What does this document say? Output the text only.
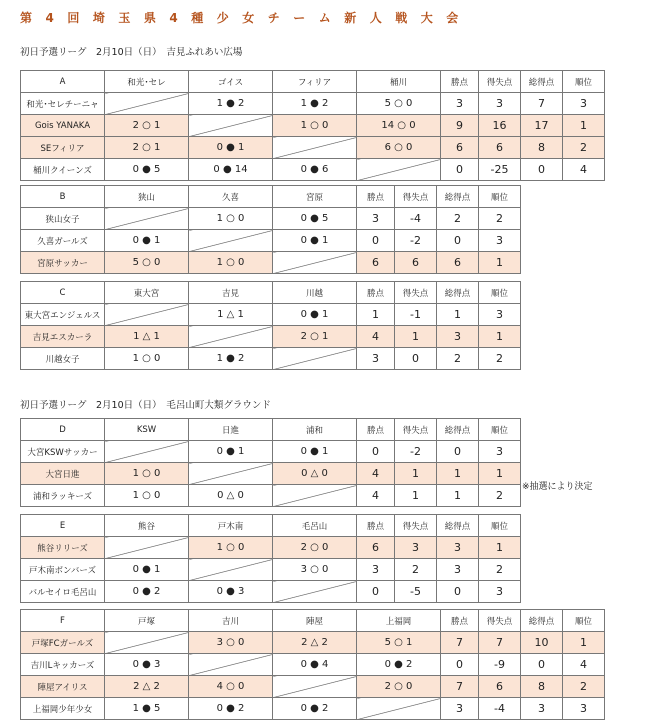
第4回埼玉県4種少女チーム新人戦大会
初日予選リーグ　2月10日（日）　吉見ふれあい広場
初日予選リーグ　2月10日（日）　毛呂山町大類グラウンド
※抽選により決定
A	和光･セレ	ゴイス	フィリア	桶川	勝点	得失点	総得点	順位
和光･セレチーニャ		1 ● 2	1 ● 2	5 ○ 0	3	3	7	3
Gois YANAKA	2 ○ 1		1 ○ 0	14 ○ 0	9	16	17	1
SEフィリア	2 ○ 1	0 ● 1		6 ○ 0	6	6	8	2
桶川クイーンズ	0 ● 5	0 ● 14	0 ● 6		0	-25	0	4
B	狭山	久喜	宮原	勝点	得失点	総得点	順位
狭山女子		1 ○ 0	0 ● 5	3	-4	2	2
久喜ガールズ	0 ● 1		0 ● 1	0	-2	0	3
宮原サッカー	5 ○ 0	1 ○ 0		6	6	6	1
C	東大宮	吉見	川越	勝点	得失点	総得点	順位
東大宮エンジェルス		1 △ 1	0 ● 1	1	-1	1	3
吉見エスカーラ	1 △ 1		2 ○ 1	4	1	3	1
川越女子	1 ○ 0	1 ● 2		3	0	2	2
D	KSW	日進	浦和	勝点	得失点	総得点	順位
大宮KSWサッカー		0 ● 1	0 ● 1	0	-2	0	3
大宮日進	1 ○ 0		0 △ 0	4	1	1	1
浦和ラッキーズ	1 ○ 0	0 △ 0		4	1	1	2
E	熊谷	戸木南	毛呂山	勝点	得失点	総得点	順位
熊谷リリーズ		1 ○ 0	2 ○ 0	6	3	3	1
戸木南ボンバーズ	0 ● 1		3 ○ 0	3	2	3	2
バルセイロ毛呂山	0 ● 2	0 ● 3		0	-5	0	3
F	戸塚	吉川	陣屋	上福岡	勝点	得失点	総得点	順位
戸塚FCガールズ		3 ○ 0	2 △ 2	5 ○ 1	7	7	10	1
吉川Lキッカーズ	0 ● 3		0 ● 4	0 ● 2	0	-9	0	4
陣屋アイリス	2 △ 2	4 ○ 0		2 ○ 0	7	6	8	2
上福岡少年少女	1 ● 5	0 ● 2	0 ● 2		3	-4	3	3
